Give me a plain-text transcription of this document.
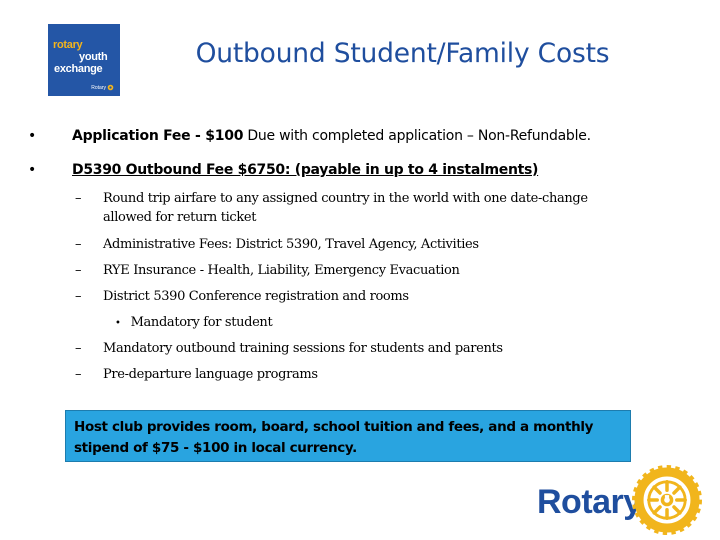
rotary
youth
exchange
Rotary
Outbound Student/Family Costs
•	Application Fee - $100 Due with completed application – Non-Refundable.
•	D5390 Outbound Fee $6750: (payable in up to 4 instalments)
– Round trip airfare to any assigned country in the world with one date-change
allowed for return ticket
– Administrative Fees: District 5390, Travel Agency, Activities
– RYE Insurance - Health, Liability, Emergency Evacuation
– District 5390 Conference registration and rooms
• Mandatory for student
– Mandatory outbound training sessions for students and parents
– Pre-departure language programs
Host club provides room, board, school tuition and fees, and a monthly
stipend of $75 - $100 in local currency.
Rotary
